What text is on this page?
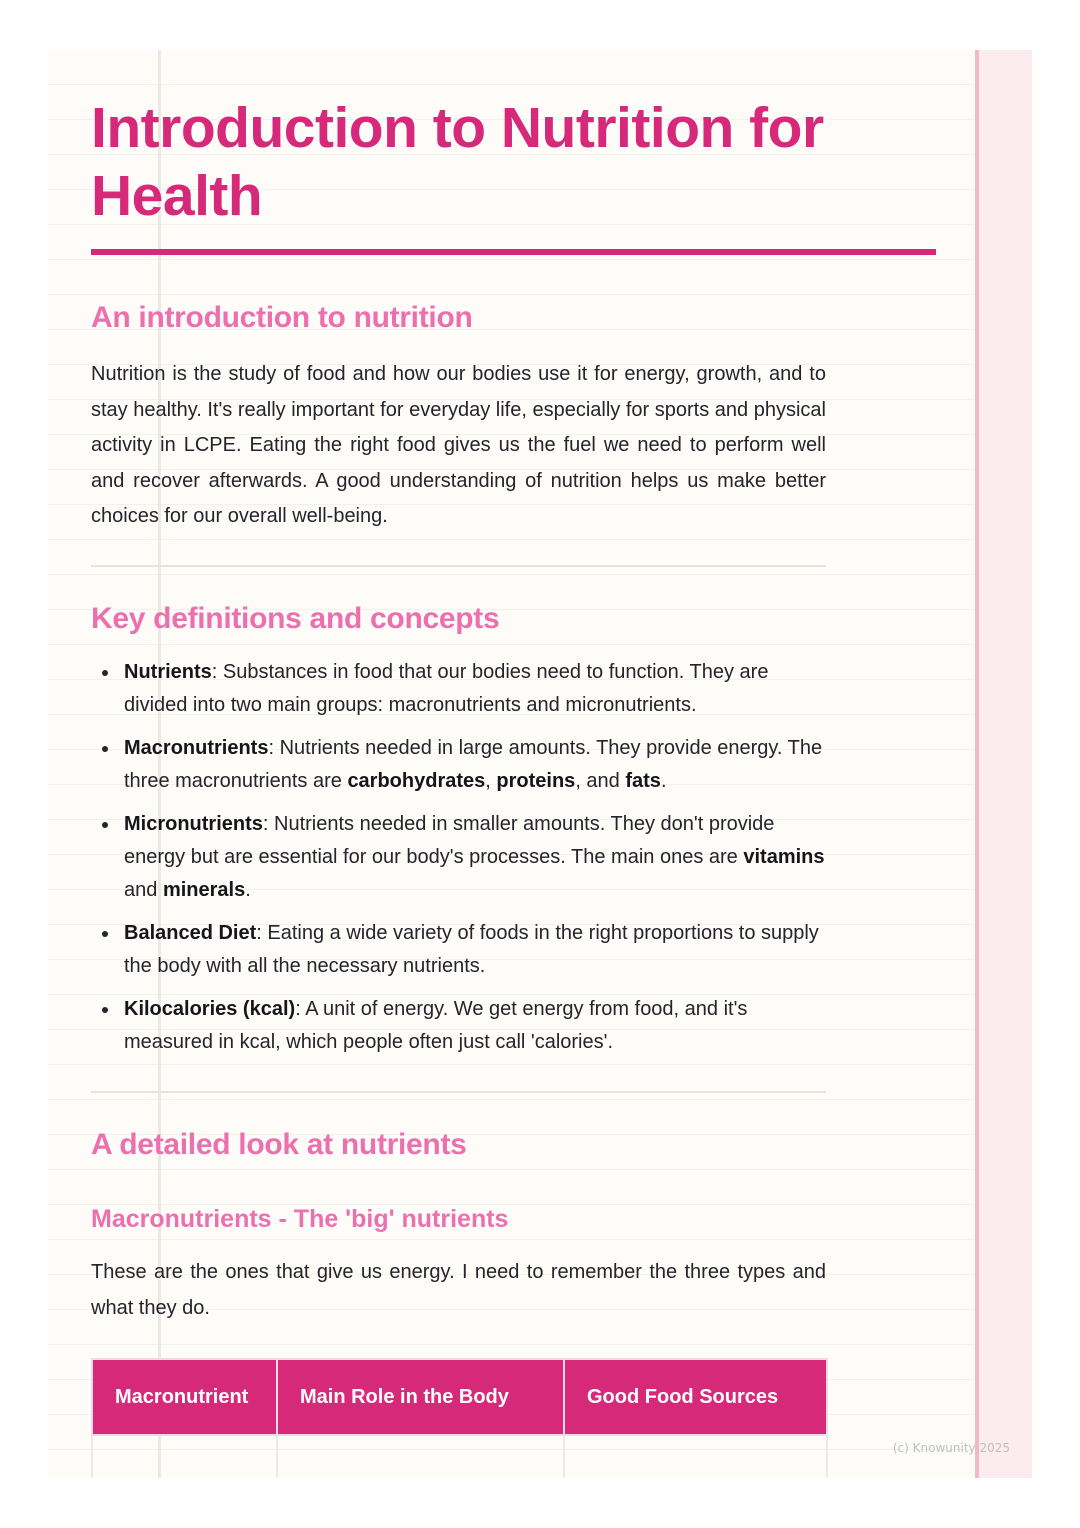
Introduction to Nutrition for Health
An introduction to nutrition

Nutrition is the study of food and how our bodies use it for energy, growth, and to stay healthy. It's really important for everyday life, especially for sports and physical activity in LCPE. Eating the right food gives us the fuel we need to perform well and recover afterwards. A good understanding of nutrition helps us make better choices for our overall well-being.

Key definitions and concepts
Nutrients: Substances in food that our bodies need to function. They are divided into two main groups: macronutrients and micronutrients.
Macronutrients: Nutrients needed in large amounts. They provide energy. The three macronutrients are carbohydrates, proteins, and fats.
Micronutrients: Nutrients needed in smaller amounts. They don't provide energy but are essential for our body's processes. The main ones are vitamins and minerals.
Balanced Diet: Eating a wide variety of foods in the right proportions to supply the body with all the necessary nutrients.
Kilocalories (kcal): A unit of energy. We get energy from food, and it's measured in kcal, which people often just call 'calories'.
A detailed look at nutrients
Macronutrients - The 'big' nutrients

These are the ones that give us energy. I need to remember the three types and what they do.

Macronutrient	Main Role in the Body	Good Food Sources

(c) Knowunity 2025
